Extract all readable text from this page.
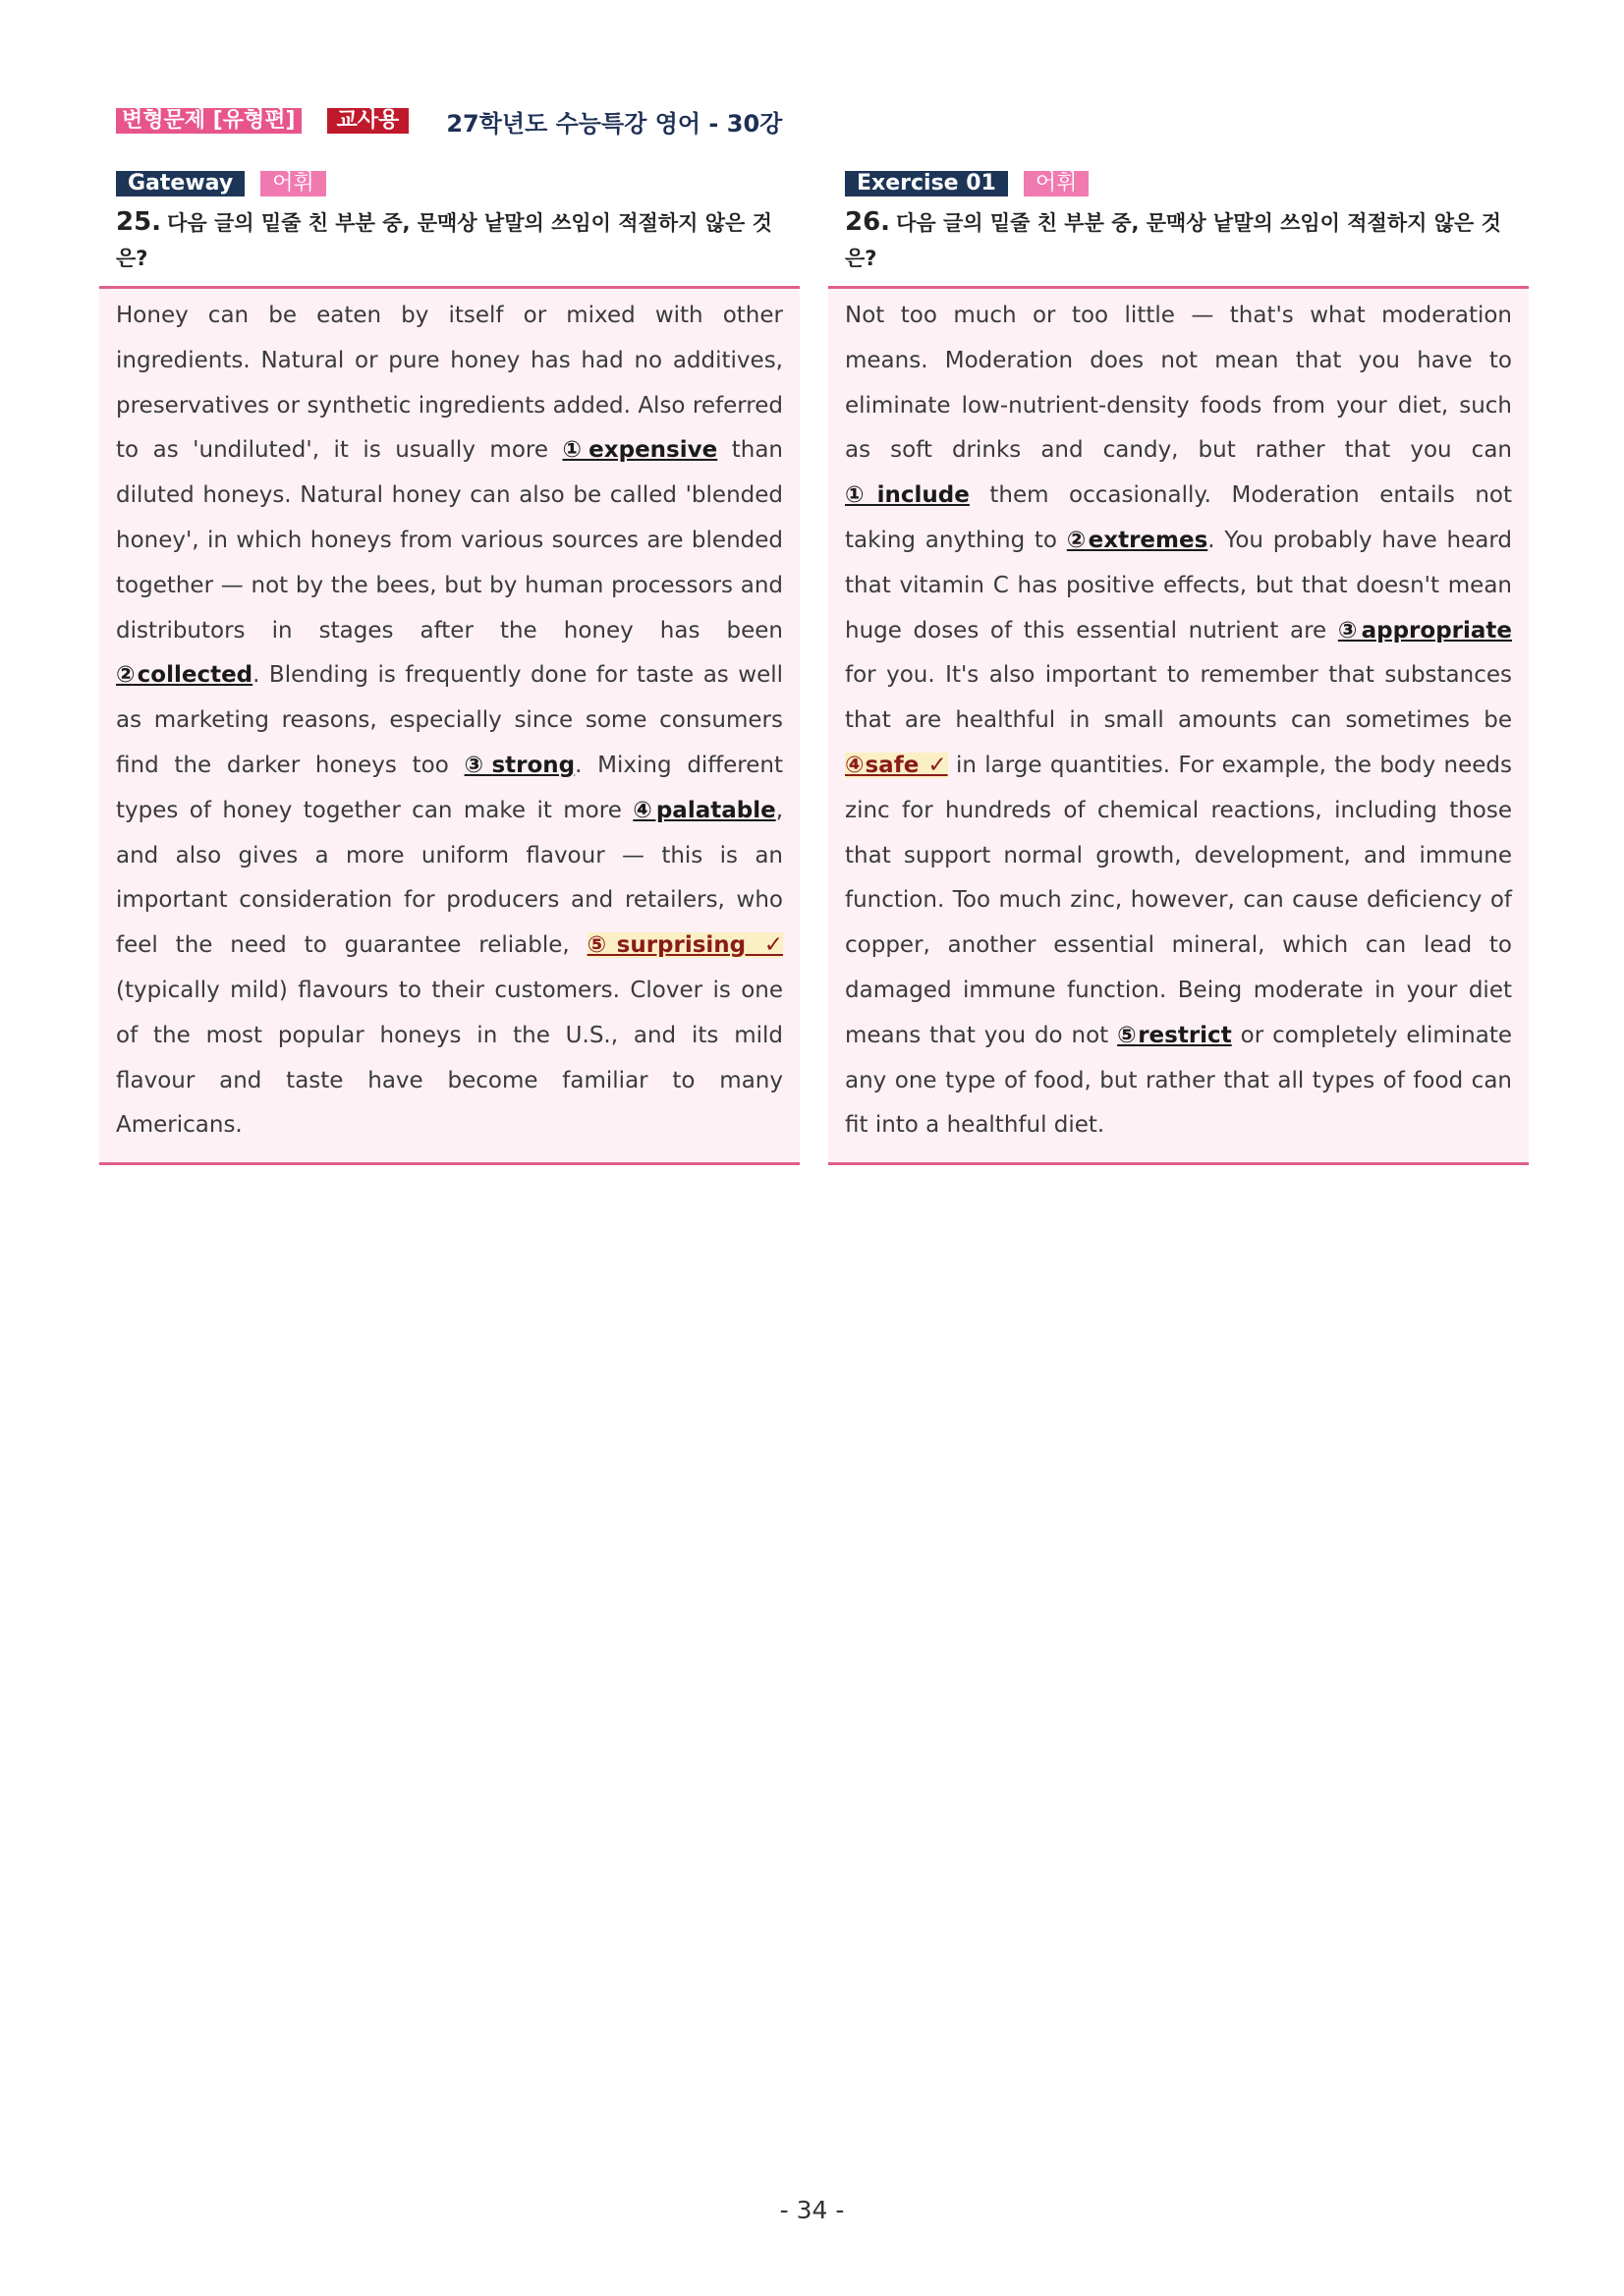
변형문제 [유형편]	교사용	27학년도 수능특강 영어 - 30강
Gateway	어휘
25. 다음 글의 밑줄 친 부분 중, 문맥상 낱말의 쓰임이 적절하지 않은 것은?
Honey can be eaten by itself or mixed with other ingredients. Natural or pure honey has had no additives, preservatives or synthetic ingredients added. Also referred to as 'undiluted', it is usually more ①expensive than diluted honeys. Natural honey can also be called 'blended honey', in which honeys from various sources are blended together — not by the bees, but by human processors and distributors in stages after the honey has been ②collected. Blending is frequently done for taste as well as marketing reasons, especially since some consumers find the darker honeys too ③strong. Mixing different types of honey together can make it more ④palatable, and also gives a more uniform flavour — this is an important consideration for producers and retailers, who feel the need to guarantee reliable, ⑤surprising ✓ (typically mild) flavours to their customers. Clover is one of the most popular honeys in the U.S., and its mild flavour and taste have become familiar to many Americans.
Exercise 01	어휘
26. 다음 글의 밑줄 친 부분 중, 문맥상 낱말의 쓰임이 적절하지 않은 것은?
Not too much or too little — that's what moderation means. Moderation does not mean that you have to eliminate low-nutrient-density foods from your diet, such as soft drinks and candy, but rather that you can ①include them occasionally. Moderation entails not taking anything to ②extremes. You probably have heard that vitamin C has positive effects, but that doesn't mean huge doses of this essential nutrient are ③appropriate for you. It's also important to remember that substances that are healthful in small amounts can sometimes be ④safe ✓ in large quantities. For example, the body needs zinc for hundreds of chemical reactions, including those that support normal growth, development, and immune function. Too much zinc, however, can cause deficiency of copper, another essential mineral, which can lead to damaged immune function. Being moderate in your diet means that you do not ⑤restrict or completely eliminate any one type of food, but rather that all types of food can fit into a healthful diet.
- 34 -
